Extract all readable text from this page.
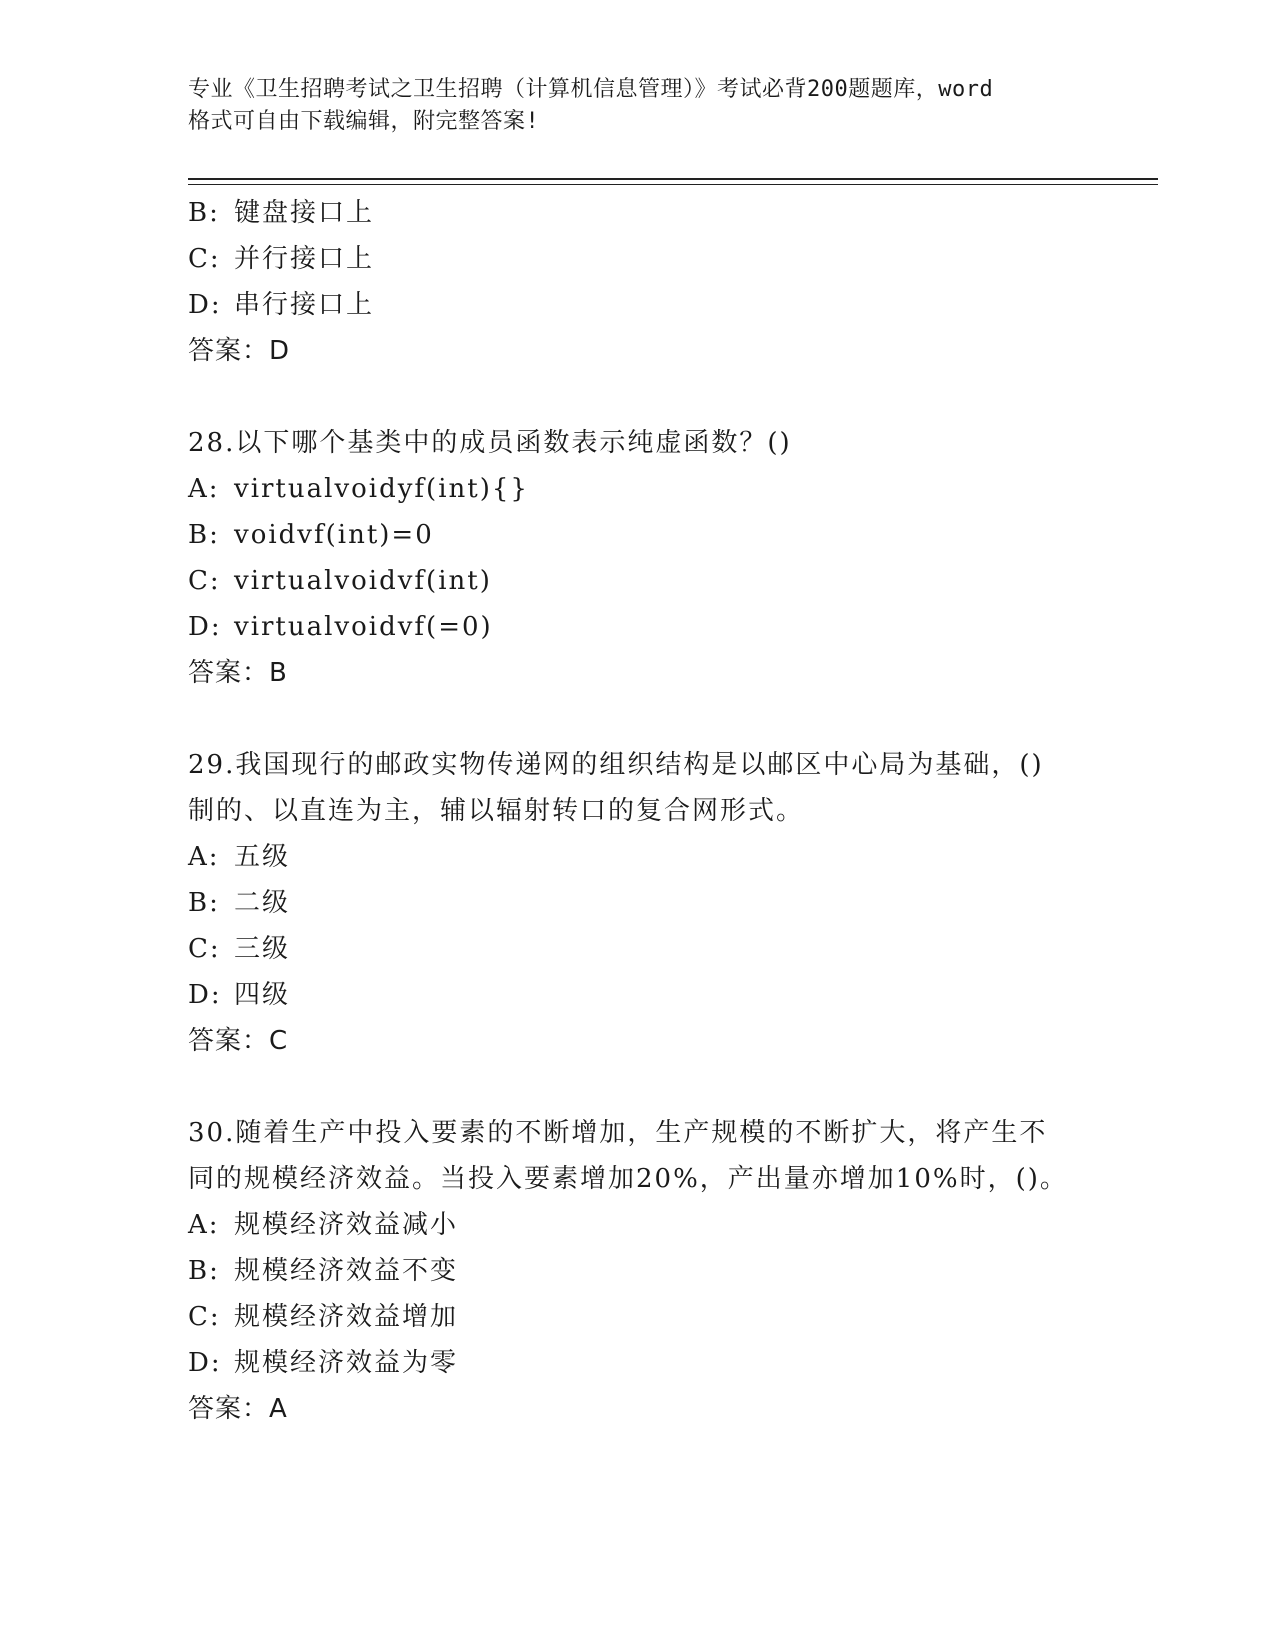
专业《卫生招聘考试之卫生招聘（计算机信息管理）》考试必背200题题库，word

格式可自由下载编辑，附完整答案!

B: 键盘接口上
C: 并行接口上
D: 串行接口上
答案：D
28.以下哪个基类中的成员函数表示纯虚函数？()
A: virtualvoidyf(int){}
B: voidvf(int)=0
C: virtualvoidvf(int)
D: virtualvoidvf(=0)
答案：B
29.我国现行的邮政实物传递网的组织结构是以邮区中心局为基础，()
制的、以直连为主，辅以辐射转口的复合网形式。
A: 五级
B: 二级
C: 三级
D: 四级
答案：C
30.随着生产中投入要素的不断增加，生产规模的不断扩大，将产生不
同的规模经济效益。当投入要素增加20%，产出量亦增加10%时，()。
A: 规模经济效益减小
B: 规模经济效益不变
C: 规模经济效益增加
D: 规模经济效益为零
答案：A
